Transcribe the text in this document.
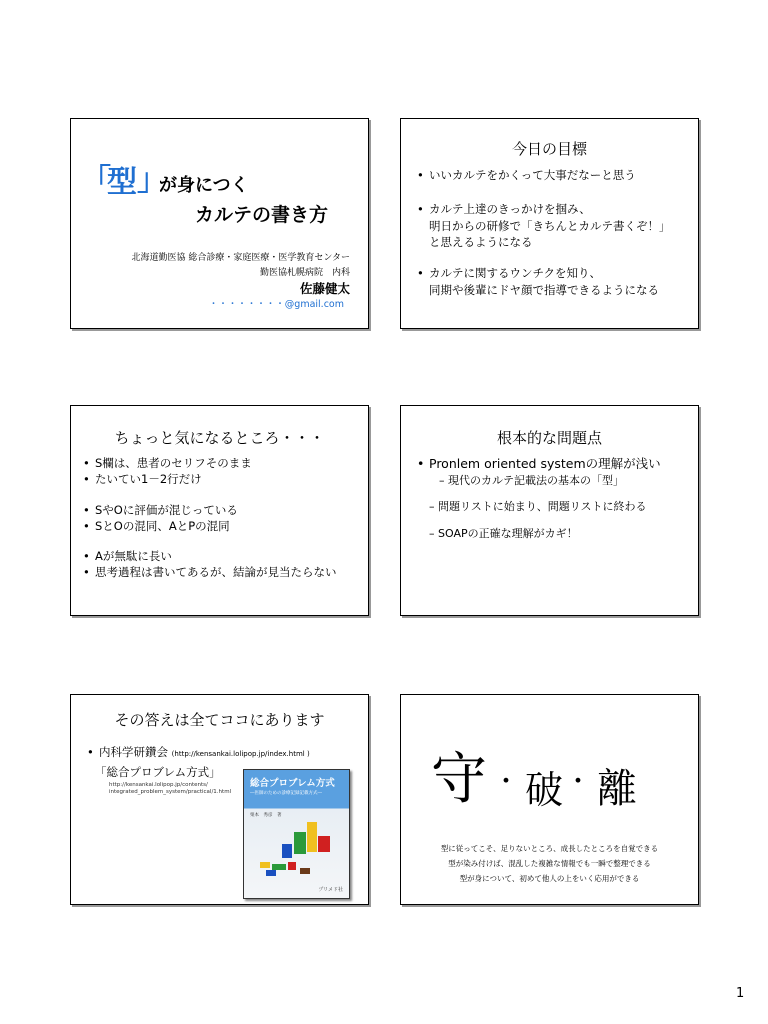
「
型 」
が身につく
カルテの書き方
北海道勤医協 総合診療・家庭医療・医学教育センター
勤医協札幌病院　内科
佐藤健太
・・・・・・・・@gmail.com
今日の目標
• いいカルテをかくって大事だなーと思う
• カルテ上達のきっかけを掴み、
明日からの研修で「きちんとカルテ書くぞ！」
と思えるようになる
• カルテに関するウンチクを知り、
同期や後輩にドヤ顔で指導できるようになる
ちょっと気になるところ・・・
• S欄は、患者のセリフそのまま
• たいてい1－2行だけ
• SやOに評価が混じっている
• SとOの混同、AとPの混同
• Aが無駄に長い
• 思考過程は書いてあるが、結論が見当たらない
根本的な問題点
• Pronlem oriented systemの理解が浅い
– 現代のカルテ記載法の基本の「型」
– 問題リストに始まり、問題リストに終わる
– SOAPの正確な理解がカギ！
その答えは全てココにあります
• 内科学研鑽会 (http://kensankai.lolipop.jp/index.html )
「総合プロブレム方式」
http://kensankai.lolipop.jp/contents/
integrated_problem_system/practical/1.html
総合プロブレム方式
―医師のための診療記録記載方式―
栗本　秀彦　著
プリメド社
守 ・ 破 ・ 離
型に従ってこそ、足りないところ、成長したところを自覚できる
型が染み付けば、混乱した複雑な情報でも一瞬で整理できる
型が身について、初めて他人の上をいく応用ができる
1
